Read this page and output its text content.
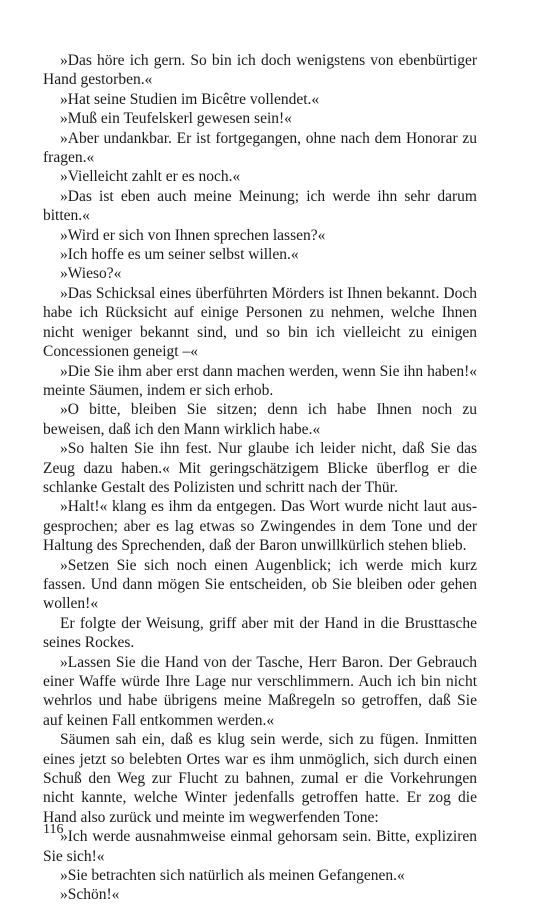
»Das höre ich gern. So bin ich doch wenigstens von ebenbürtiger Hand gestorben.«

»Hat seine Studien im Bicêtre vollendet.«

»Muß ein Teufelskerl gewesen sein!«

»Aber undankbar. Er ist fortgegangen, ohne nach dem Honorar zu fragen.«

»Vielleicht zahlt er es noch.«

»Das ist eben auch meine Meinung; ich werde ihn sehr darum bitten.«

»Wird er sich von Ihnen sprechen lassen?«

»Ich hoffe es um seiner selbst willen.«

»Wieso?«

»Das Schicksal eines überführten Mörders ist Ihnen bekannt. Doch habe ich Rücksicht auf einige Personen zu nehmen, welche Ihnen nicht weniger bekannt sind, und so bin ich vielleicht zu einigen Concessionen geneigt –«

»Die Sie ihm aber erst dann machen werden, wenn Sie ihn haben!« meinte Säumen, indem er sich erhob.

»O bitte, bleiben Sie sitzen; denn ich habe Ihnen noch zu beweisen, daß ich den Mann wirklich habe.«

»So halten Sie ihn fest. Nur glaube ich leider nicht, daß Sie das Zeug dazu haben.« Mit geringschätzigem Blicke überflog er die schlanke Gestalt des Polizisten und schritt nach der Thür.

»Halt!« klang es ihm da entgegen. Das Wort wurde nicht laut ausgesprochen; aber es lag etwas so Zwingendes in dem Tone und der Haltung des Sprechenden, daß der Baron unwillkürlich stehen blieb.

»Setzen Sie sich noch einen Augenblick; ich werde mich kurz fassen. Und dann mögen Sie entscheiden, ob Sie bleiben oder gehen wollen!«

Er folgte der Weisung, griff aber mit der Hand in die Brusttasche seines Rockes.

»Lassen Sie die Hand von der Tasche, Herr Baron. Der Gebrauch einer Waffe würde Ihre Lage nur verschlimmern. Auch ich bin nicht wehrlos und habe übrigens meine Maßregeln so getroffen, daß Sie auf keinen Fall entkommen werden.«

Säumen sah ein, daß es klug sein werde, sich zu fügen. Inmitten eines jetzt so belebten Ortes war es ihm unmöglich, sich durch einen Schuß den Weg zur Flucht zu bahnen, zumal er die Vorkehrungen nicht kannte, welche Winter jedenfalls getroffen hatte. Er zog die Hand also zurück und meinte im wegwerfenden Tone:

»Ich werde ausnahmweise einmal gehorsam sein. Bitte, expliziren Sie sich!«

»Sie betrachten sich natürlich als meinen Gefangenen.«

»Schön!«

116
